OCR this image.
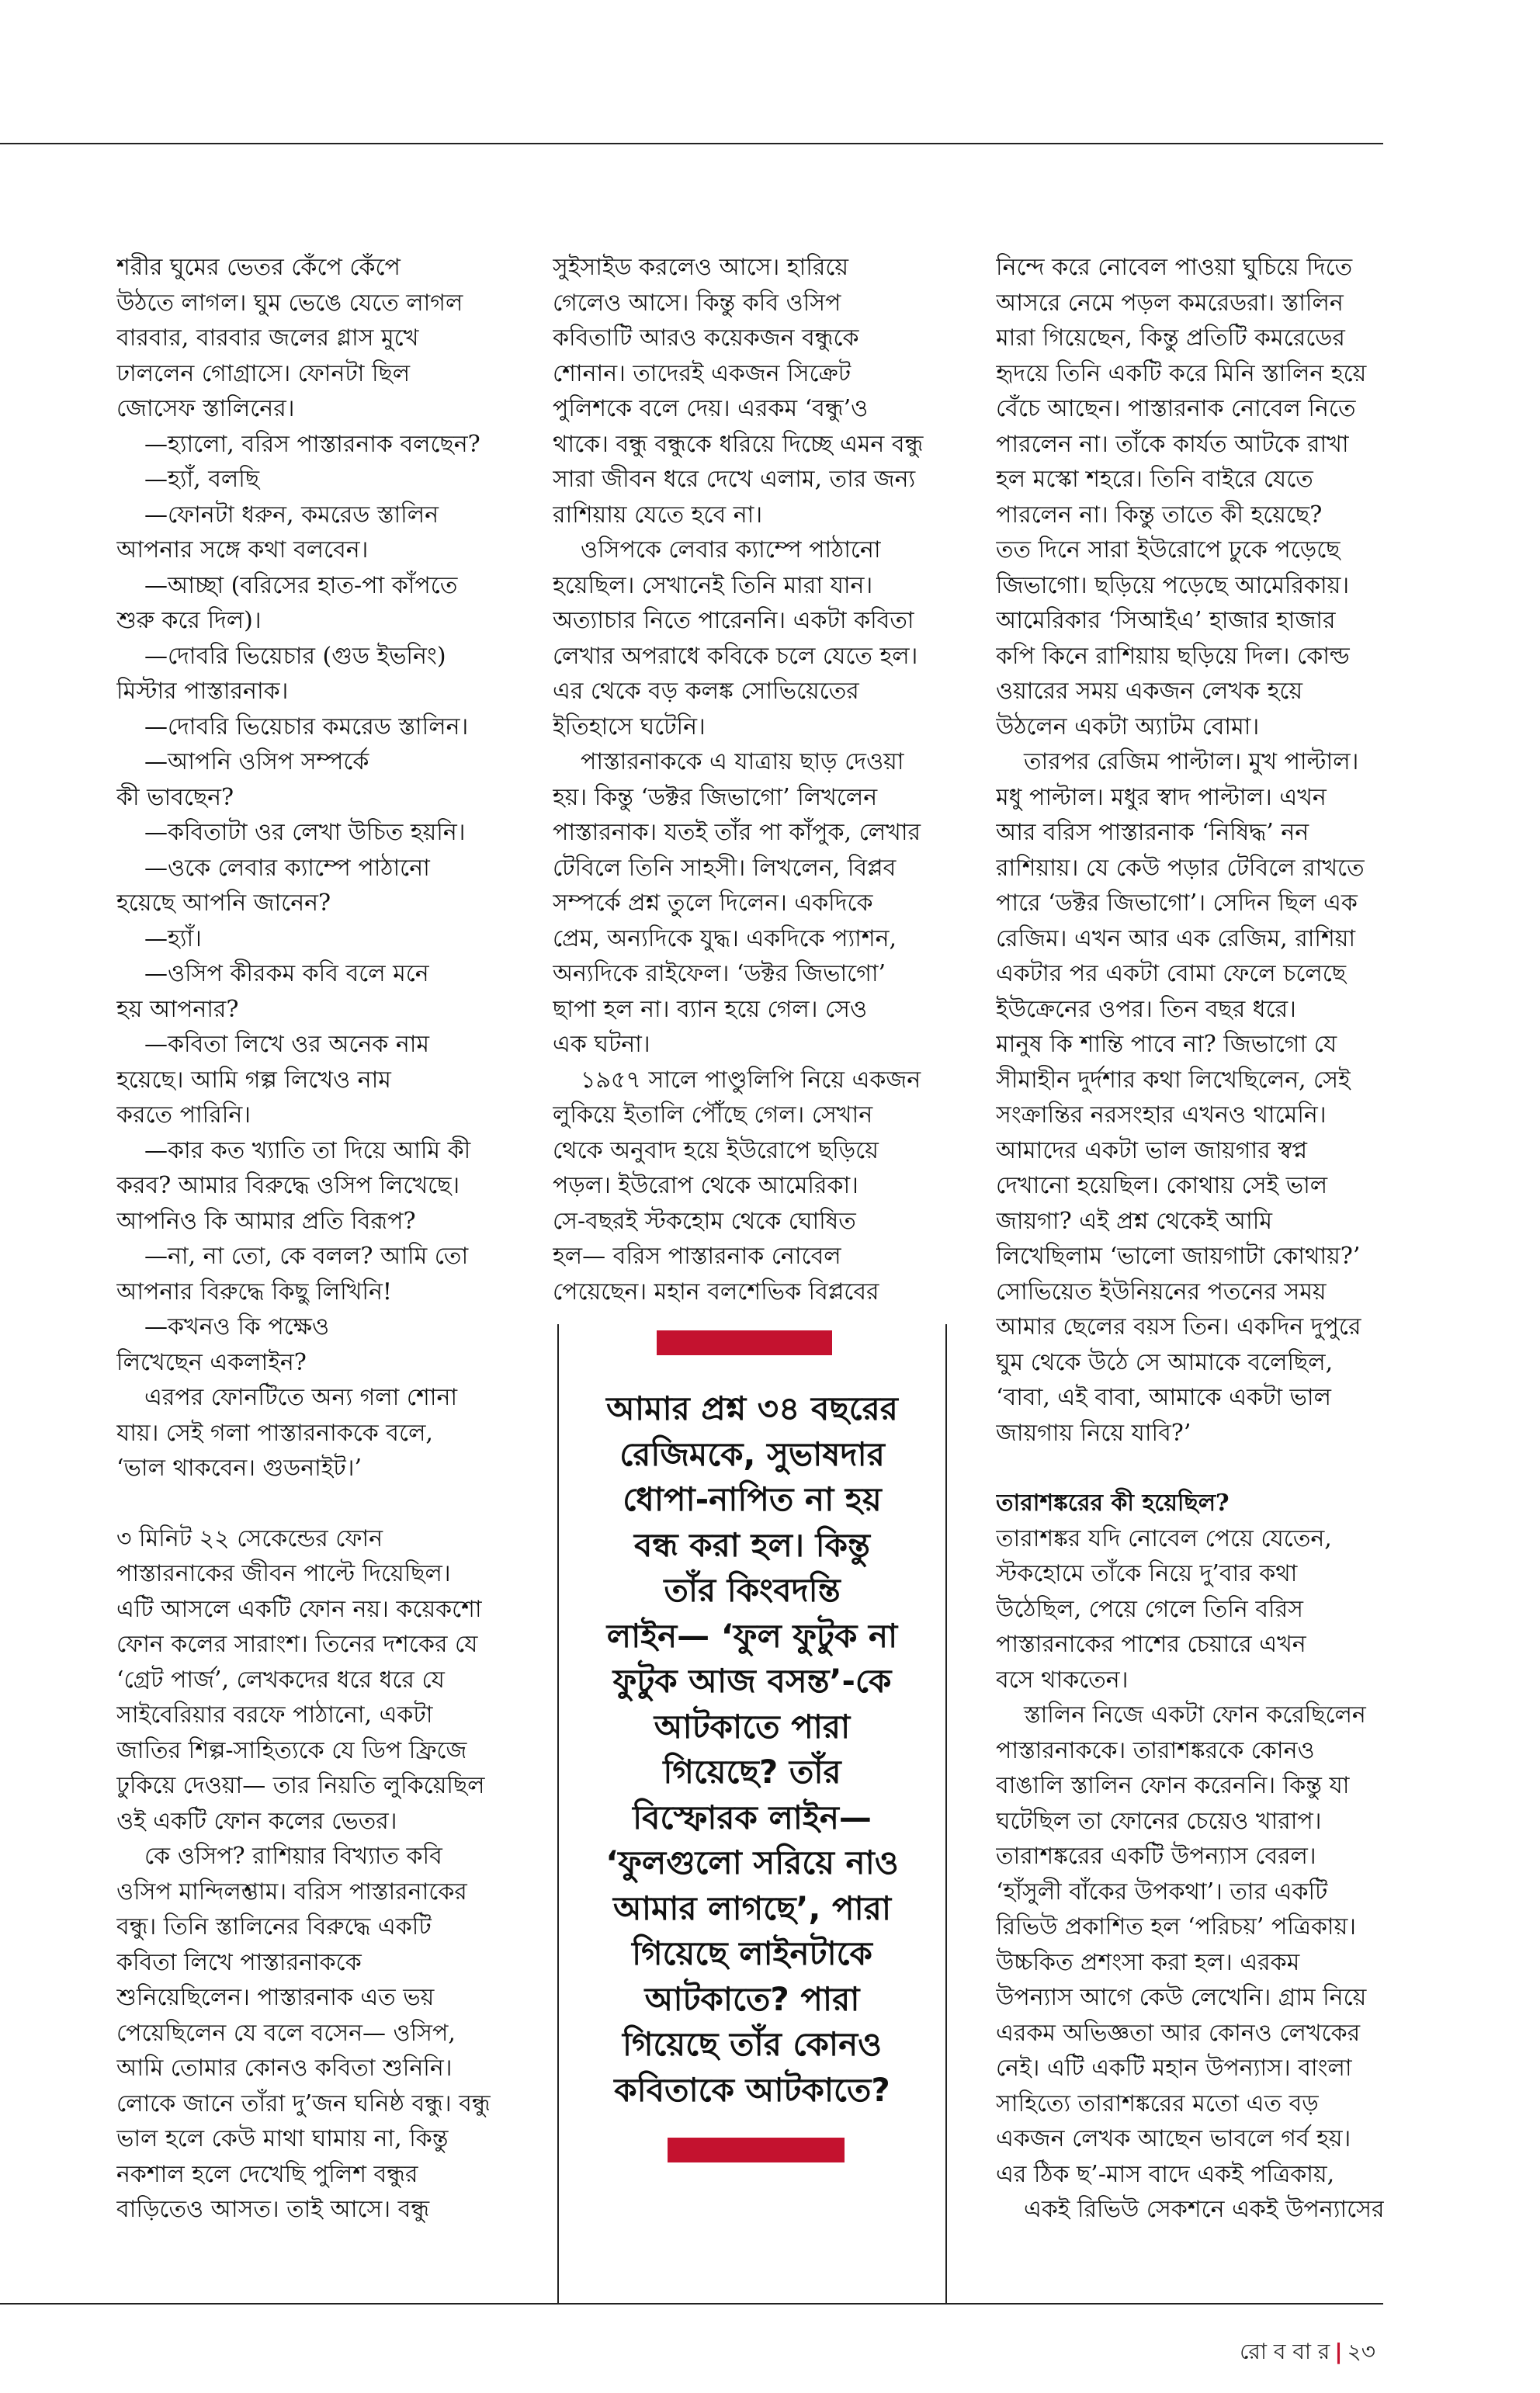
শরীর ঘুমের ভেতর কেঁপে কেঁপে

উঠতে লাগল। ঘুম ভেঙে যেতে লাগল

বারবার, বারবার জলের গ্লাস মুখে

ঢাললেন গোগ্রাসে। ফোনটা ছিল

জোসেফ স্তালিনের।

—হ্যালো, বরিস পাস্তারনাক বলছেন?

—হ্যাঁ, বলছি

—ফোনটা ধরুন, কমরেড স্তালিন

আপনার সঙ্গে কথা বলবেন।

—আচ্ছা (বরিসের হাত-পা কাঁপতে

শুরু করে দিল)।

—দোবরি ভিয়েচার (গুড ইভনিং)

মিস্টার পাস্তারনাক।

—দোবরি ভিয়েচার কমরেড স্তালিন।

—আপনি ওসিপ সম্পর্কে

কী ভাবছেন?

—কবিতাটা ওর লেখা উচিত হয়নি।

—ওকে লেবার ক্যাম্পে পাঠানো

হয়েছে আপনি জানেন?

—হ্যাঁ।

—ওসিপ কীরকম কবি বলে মনে

হয় আপনার?

—কবিতা লিখে ওর অনেক নাম

হয়েছে। আমি গল্প লিখেও নাম

করতে পারিনি।

—কার কত খ্যাতি তা দিয়ে আমি কী

করব? আমার বিরুদ্ধে ওসিপ লিখেছে।

আপনিও কি আমার প্রতি বিরূপ?

—না, না তো, কে বলল? আমি তো

আপনার বিরুদ্ধে কিছু লিখিনি!

—কখনও কি পক্ষেও

লিখেছেন একলাইন?

এরপর ফোনটিতে অন্য গলা শোনা

যায়। সেই গলা পাস্তারনাককে বলে,

‘ভাল থাকবেন। গুডনাইট।’

৩ মিনিট ২২ সেকেন্ডের ফোন

পাস্তারনাকের জীবন পাল্টে দিয়েছিল।

এটি আসলে একটি ফোন নয়। কয়েকশো

ফোন কলের সারাংশ। তিনের দশকের যে

‘গ্রেট পার্জ’, লেখকদের ধরে ধরে যে

সাইবেরিয়ার বরফে পাঠানো, একটা

জাতির শিল্প-সাহিত্যকে যে ডিপ ফ্রিজে

ঢুকিয়ে দেওয়া— তার নিয়তি লুকিয়েছিল

ওই একটি ফোন কলের ভেতর।

কে ওসিপ? রাশিয়ার বিখ্যাত কবি

ওসিপ মান্দিলশ্তাম। বরিস পাস্তারনাকের

বন্ধু। তিনি স্তালিনের বিরুদ্ধে একটি

কবিতা লিখে পাস্তারনাককে

শুনিয়েছিলেন। পাস্তারনাক এত ভয়

পেয়েছিলেন যে বলে বসেন— ওসিপ,

আমি তোমার কোনও কবিতা শুনিনি।

লোকে জানে তাঁরা দু’জন ঘনিষ্ঠ বন্ধু। বন্ধু

ভাল হলে কেউ মাথা ঘামায় না, কিন্তু

নকশাল হলে দেখেছি পুলিশ বন্ধুর

বাড়িতেও আসত। তাই আসে। বন্ধু

সুইসাইড করলেও আসে। হারিয়ে

গেলেও আসে। কিন্তু কবি ওসিপ

কবিতাটি আরও কয়েকজন বন্ধুকে

শোনান। তাদেরই একজন সিক্রেট

পুলিশকে বলে দেয়। এরকম ‘বন্ধু’ও

থাকে। বন্ধু বন্ধুকে ধরিয়ে দিচ্ছে এমন বন্ধু

সারা জীবন ধরে দেখে এলাম, তার জন্য

রাশিয়ায় যেতে হবে না।

ওসিপকে লেবার ক্যাম্পে পাঠানো

হয়েছিল। সেখানেই তিনি মারা যান।

অত্যাচার নিতে পারেননি। একটা কবিতা

লেখার অপরাধে কবিকে চলে যেতে হল।

এর থেকে বড় কলঙ্ক সোভিয়েতের

ইতিহাসে ঘটেনি।

পাস্তারনাককে এ যাত্রায় ছাড় দেওয়া

হয়। কিন্তু ‘ডক্টর জিভাগো’ লিখলেন

পাস্তারনাক। যতই তাঁর পা কাঁপুক, লেখার

টেবিলে তিনি সাহসী। লিখলেন, বিপ্লব

সম্পর্কে প্রশ্ন তুলে দিলেন। একদিকে

প্রেম, অন্যদিকে যুদ্ধ। একদিকে প্যাশন,

অন্যদিকে রাইফেল। ‘ডক্টর জিভাগো’

ছাপা হল না। ব্যান হয়ে গেল। সেও

এক ঘটনা।

১৯৫৭ সালে পাণ্ডুলিপি নিয়ে একজন

লুকিয়ে ইতালি পৌঁছে গেল। সেখান

থেকে অনুবাদ হয়ে ইউরোপে ছড়িয়ে

পড়ল। ইউরোপ থেকে আমেরিকা।

সে-বছরই স্টকহোম থেকে ঘোষিত

হল— বরিস পাস্তারনাক নোবেল

পেয়েছেন। মহান বলশেভিক বিপ্লবের

নিন্দে করে নোবেল পাওয়া ঘুচিয়ে দিতে

আসরে নেমে পড়ল কমরেডরা। স্তালিন

মারা গিয়েছেন, কিন্তু প্রতিটি কমরেডের

হৃদয়ে তিনি একটি করে মিনি স্তালিন হয়ে

বেঁচে আছেন। পাস্তারনাক নোবেল নিতে

পারলেন না। তাঁকে কার্যত আটকে রাখা

হল মস্কো শহরে। তিনি বাইরে যেতে

পারলেন না। কিন্তু তাতে কী হয়েছে?

তত দিনে সারা ইউরোপে ঢুকে পড়েছে

জিভাগো। ছড়িয়ে পড়েছে আমেরিকায়।

আমেরিকার ‘সিআইএ’ হাজার হাজার

কপি কিনে রাশিয়ায় ছড়িয়ে দিল। কোল্ড

ওয়ারের সময় একজন লেখক হয়ে

উঠলেন একটা অ্যাটম বোমা।

তারপর রেজিম পাল্টাল। মুখ পাল্টাল।

মধু পাল্টাল। মধুর স্বাদ পাল্টাল। এখন

আর বরিস পাস্তারনাক ‘নিষিদ্ধ’ নন

রাশিয়ায়। যে কেউ পড়ার টেবিলে রাখতে

পারে ‘ডক্টর জিভাগো’। সেদিন ছিল এক

রেজিম। এখন আর এক রেজিম, রাশিয়া

একটার পর একটা বোমা ফেলে চলেছে

ইউক্রেনের ওপর। তিন বছর ধরে।

মানুষ কি শান্তি পাবে না? জিভাগো যে

সীমাহীন দুর্দশার কথা লিখেছিলেন, সেই

সংক্রান্তির নরসংহার এখনও থামেনি।

আমাদের একটা ভাল জায়গার স্বপ্ন

দেখানো হয়েছিল। কোথায় সেই ভাল

জায়গা? এই প্রশ্ন থেকেই আমি

লিখেছিলাম ‘ভালো জায়গাটা কোথায়?’

সোভিয়েত ইউনিয়নের পতনের সময়

আমার ছেলের বয়স তিন। একদিন দুপুরে

ঘুম থেকে উঠে সে আমাকে বলেছিল,

‘বাবা, এই বাবা, আমাকে একটা ভাল

জায়গায় নিয়ে যাবি?’

তারাশঙ্করের কী হয়েছিল?

তারাশঙ্কর যদি নোবেল পেয়ে যেতেন,

স্টকহোমে তাঁকে নিয়ে দু’বার কথা

উঠেছিল, পেয়ে গেলে তিনি বরিস

পাস্তারনাকের পাশের চেয়ারে এখন

বসে থাকতেন।

স্তালিন নিজে একটা ফোন করেছিলেন

পাস্তারনাককে। তারাশঙ্করকে কোনও

বাঙালি স্তালিন ফোন করেননি। কিন্তু যা

ঘটেছিল তা ফোনের চেয়েও খারাপ।

তারাশঙ্করের একটি উপন্যাস বেরল।

‘হাঁসুলী বাঁকের উপকথা’। তার একটি

রিভিউ প্রকাশিত হল ‘পরিচয়’ পত্রিকায়।

উচ্চকিত প্রশংসা করা হল। এরকম

উপন্যাস আগে কেউ লেখেনি। গ্রাম নিয়ে

এরকম অভিজ্ঞতা আর কোনও লেখকের

নেই। এটি একটি মহান উপন্যাস। বাংলা

সাহিত্যে তারাশঙ্করের মতো এত বড়

একজন লেখক আছেন ভাবলে গর্ব হয়।

এর ঠিক ছ’-মাস বাদে একই পত্রিকায়,

একই রিভিউ সেকশনে একই উপন্যাসের

আমার প্রশ্ন ৩৪ বছরের

রেজিমকে, সুভাষদার

ধোপা-নাপিত না হয়

বন্ধ করা হল। কিন্তু

তাঁর কিংবদন্তি

লাইন— ‘ফুল ফুটুক না

ফুটুক আজ বসন্ত’-কে

আটকাতে পারা

গিয়েছে? তাঁর

বিস্ফোরক লাইন—

‘ফুলগুলো সরিয়ে নাও

আমার লাগছে’, পারা

গিয়েছে লাইনটাকে

আটকাতে? পারা

গিয়েছে তাঁর কোনও

কবিতাকে আটকাতে?

রো ব বা র | ২৩
